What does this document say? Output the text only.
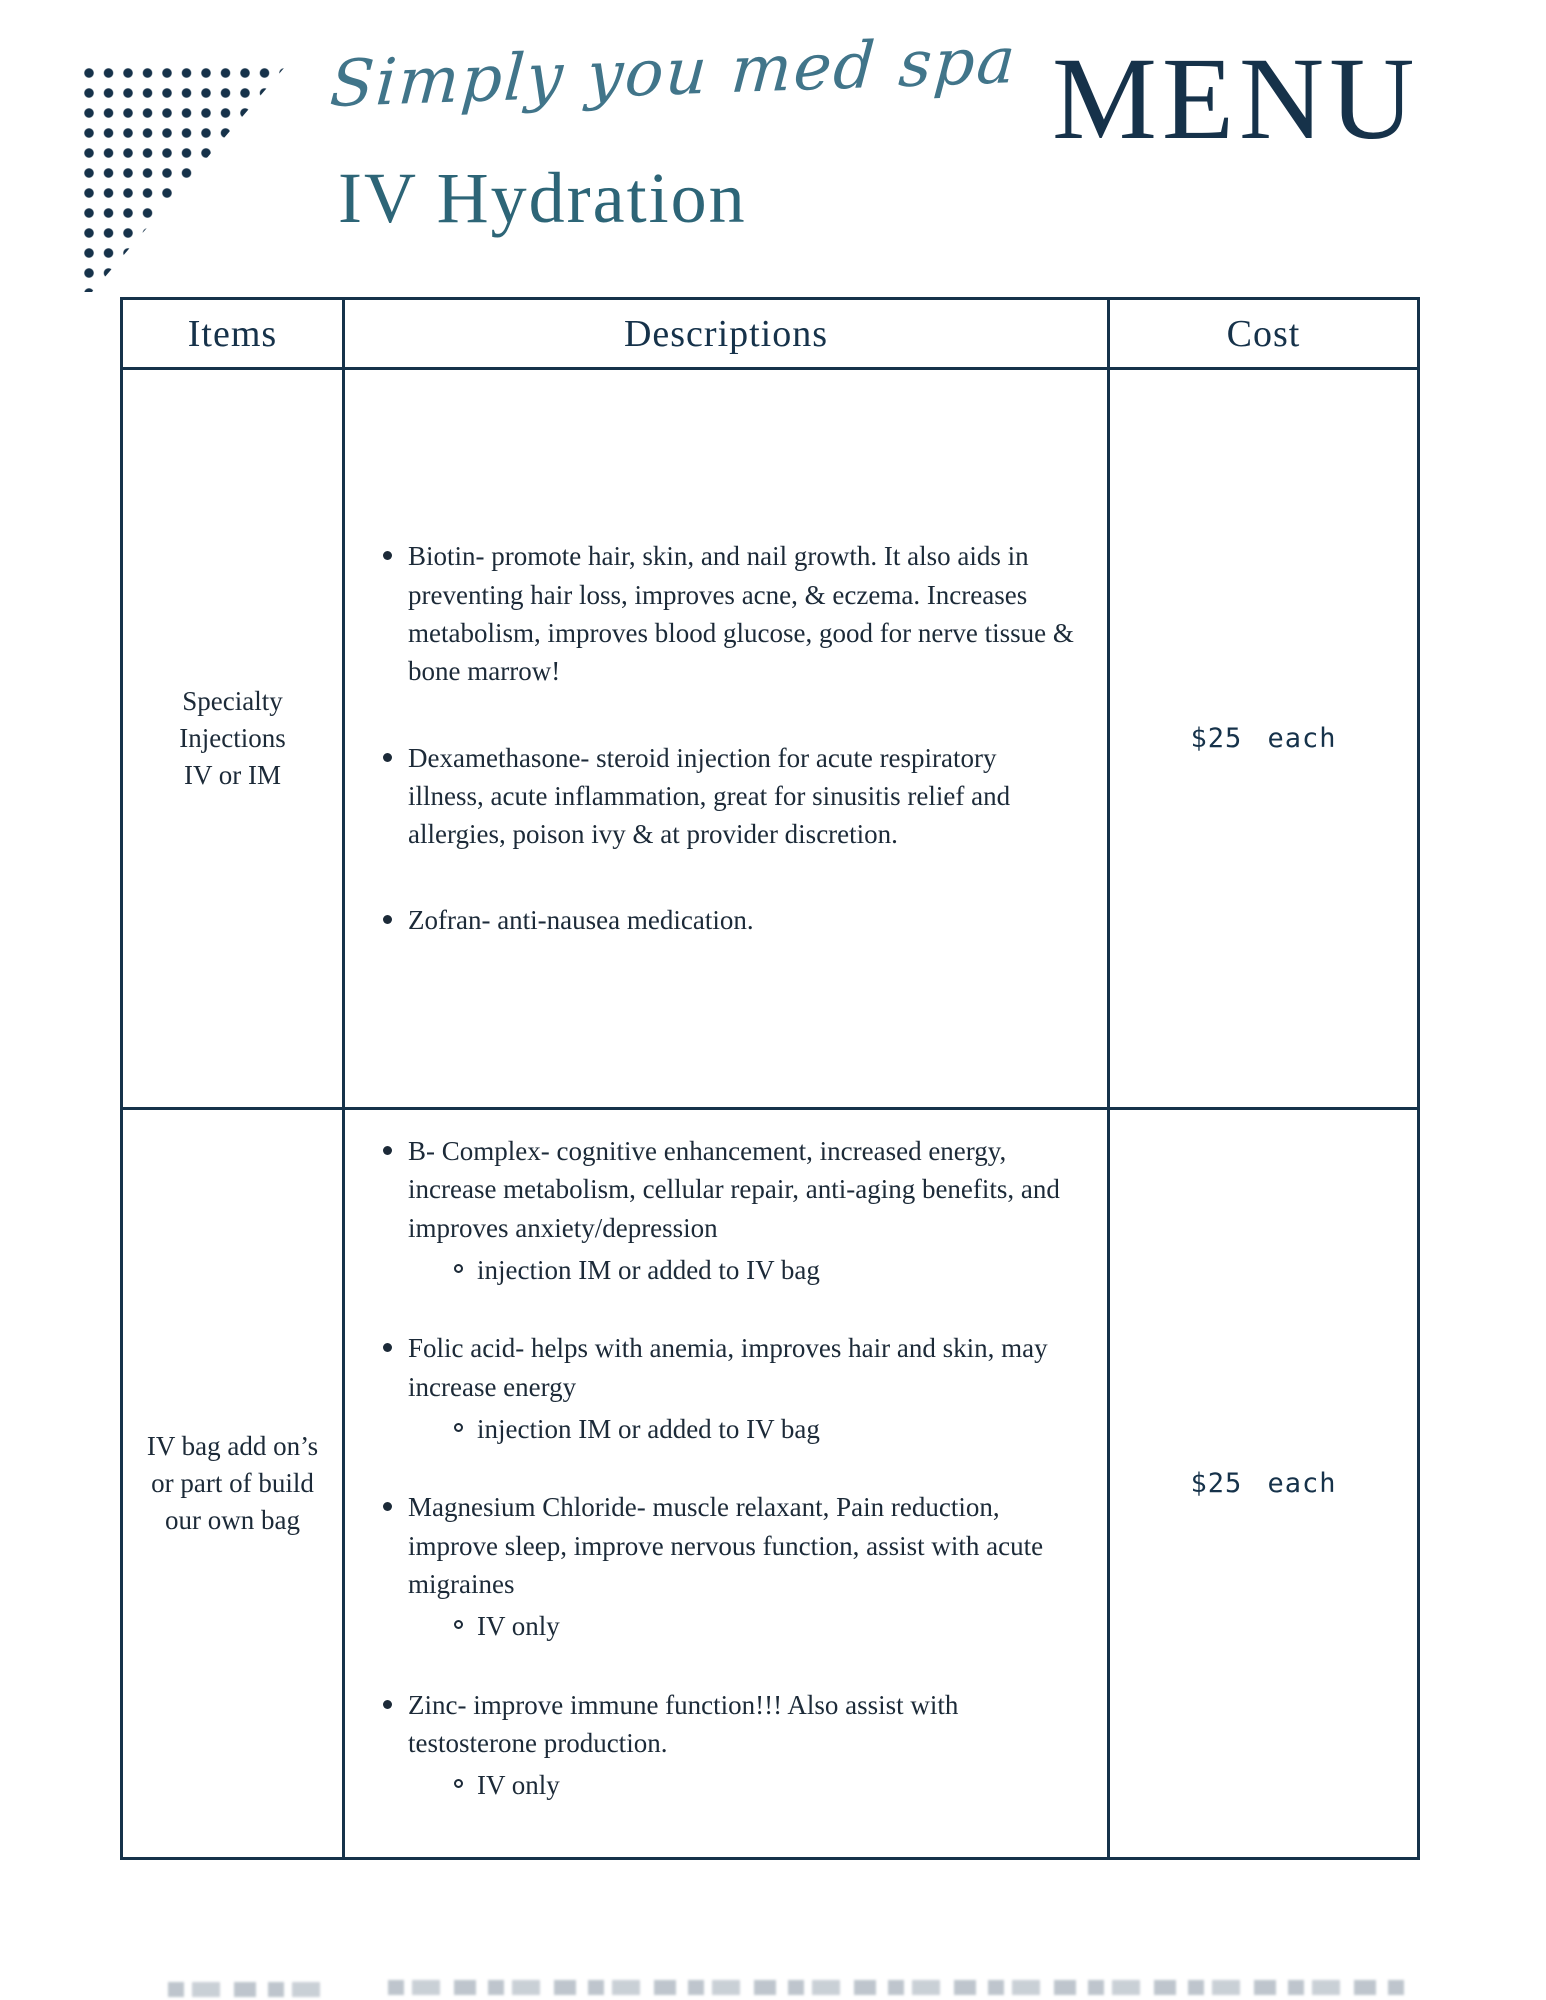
Simply you med spa MENU
IV Hydration
Items	Descriptions	Cost
Specialty
Injections
IV or IM
Biotin- promote hair, skin, and nail growth. It also aids in preventing hair loss, improves acne, & eczema. Increases metabolism, improves blood glucose, good for nerve tissue & bone marrow!
Dexamethasone- steroid injection for acute respiratory illness, acute inflammation, great for sinusitis relief and allergies, poison ivy & at provider discretion.
Zofran- anti-nausea medication.
$25 each
IV bag add on’s
or part of build
our own bag
B- Complex- cognitive enhancement, increased energy, increase metabolism, cellular repair, anti-aging benefits, and improves anxiety/depression
injection IM or added to IV bag
Folic acid- helps with anemia, improves hair and skin, may increase energy
injection IM or added to IV bag
Magnesium Chloride- muscle relaxant, Pain reduction, improve sleep, improve nervous function, assist with acute migraines
IV only
Zinc- improve immune function!!! Also assist with testosterone production.
IV only
$25 each
